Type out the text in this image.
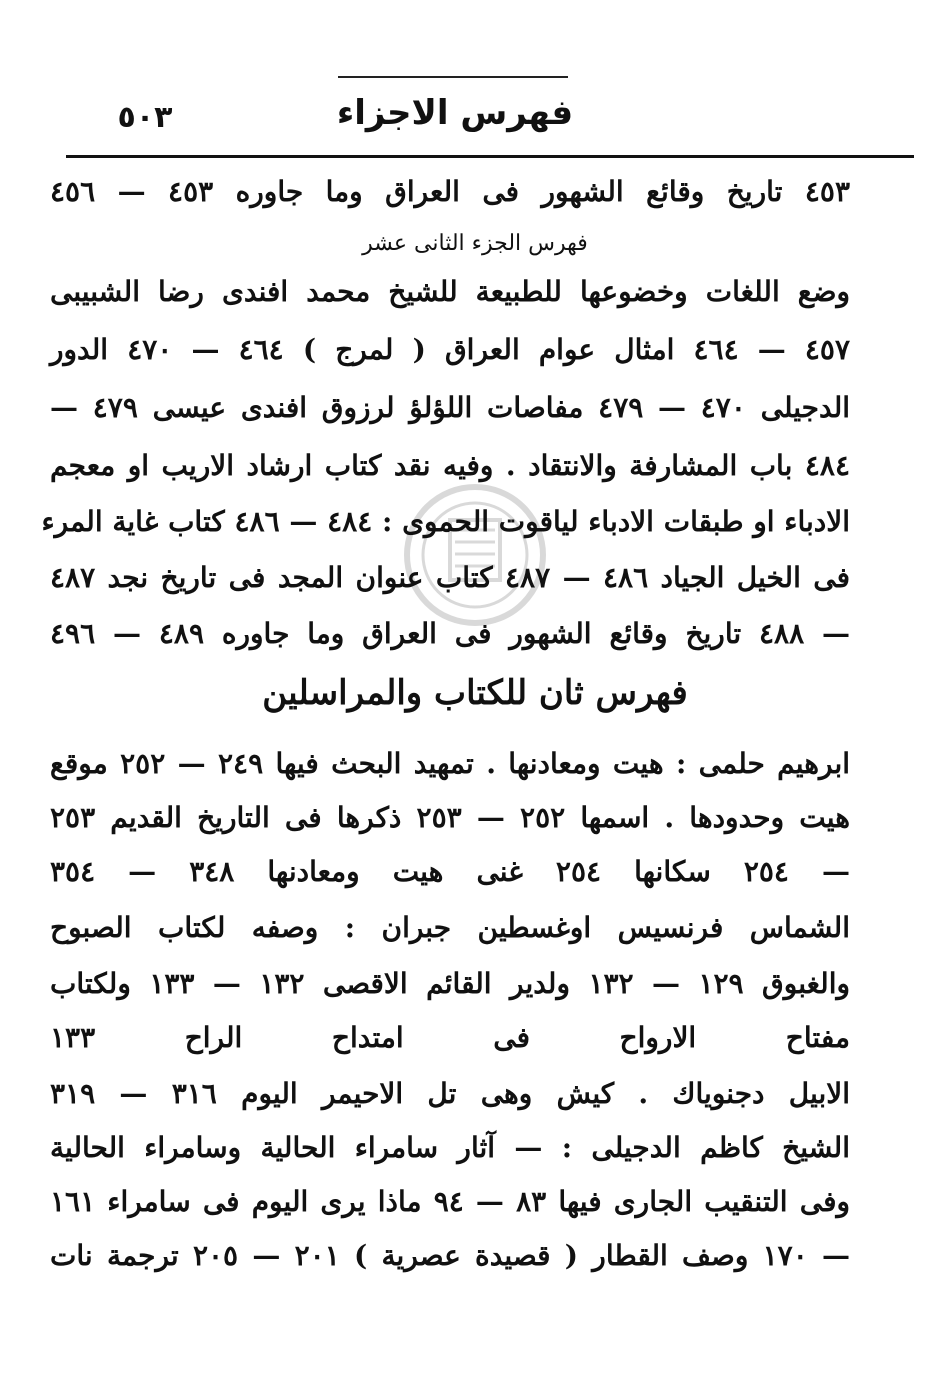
فهرس الاجزاء
٥٠٣
٤٥٣ تاريخ وقائع الشهور فى العراق وما جاوره ٤٥٣ — ٤٥٦
فهرس الجزء الثانى عشر
وضع اللغات وخضوعها للطبيعة للشيخ محمد افندى رضا الشبيبى
٤٥٧ — ٤٦٤ امثال عوام العراق ( لمرج ) ٤٦٤ — ٤٧٠ الدور
الدجيلى ٤٧٠ — ٤٧٩ مفاصات اللؤلؤ لرزوق افندى عيسى ٤٧٩ —
٤٨٤ باب المشارفة والانتقاد . وفيه نقد كتاب ارشاد الاريب او معجم
الادباء او طبقات الادباء لياقوت الحموى : ٤٨٤ — ٤٨٦ كتاب غاية المرء
فى الخيل الجياد ٤٨٦ — ٤٨٧ كتاب عنوان المجد فى تاريخ نجد ٤٨٧
— ٤٨٨ تاريخ وقائع الشهور فى العراق وما جاوره ٤٨٩ — ٤٩٦
فهرس ثان للكتاب والمراسلين
ابرهيم حلمى : هيت ومعادنها . تمهيد البحث فيها ٢٤٩ — ٢٥٢ موقع
هيت وحدودها . اسمها ٢٥٢ — ٢٥٣ ذكرها فى التاريخ القديم ٢٥٣
— ٢٥٤ سكانها ٢٥٤ غنى هيت ومعادنها ٣٤٨ — ٣٥٤
الشماس فرنسيس اوغسطين جبران : وصفه لكتاب الصبوح
والغبوق ١٢٩ — ١٣٢ ولدير القائم الاقصى ١٣٢ — ١٣٣ ولكتاب
مفتاح الارواح فى امتداح الراح ١٣٣
الابيل دجنوياك . كيش وهى تل الاحيمر اليوم ٣١٦ — ٣١٩
الشيخ كاظم الدجيلى : — آثار سامراء الحالية وسامراء الحالية
وفى التنقيب الجارى فيها ٨٣ — ٩٤ ماذا يرى اليوم فى سامراء ١٦١
— ١٧٠ وصف القطار ( قصيدة عصرية ) ٢٠١ — ٢٠٥ ترجمة نات
